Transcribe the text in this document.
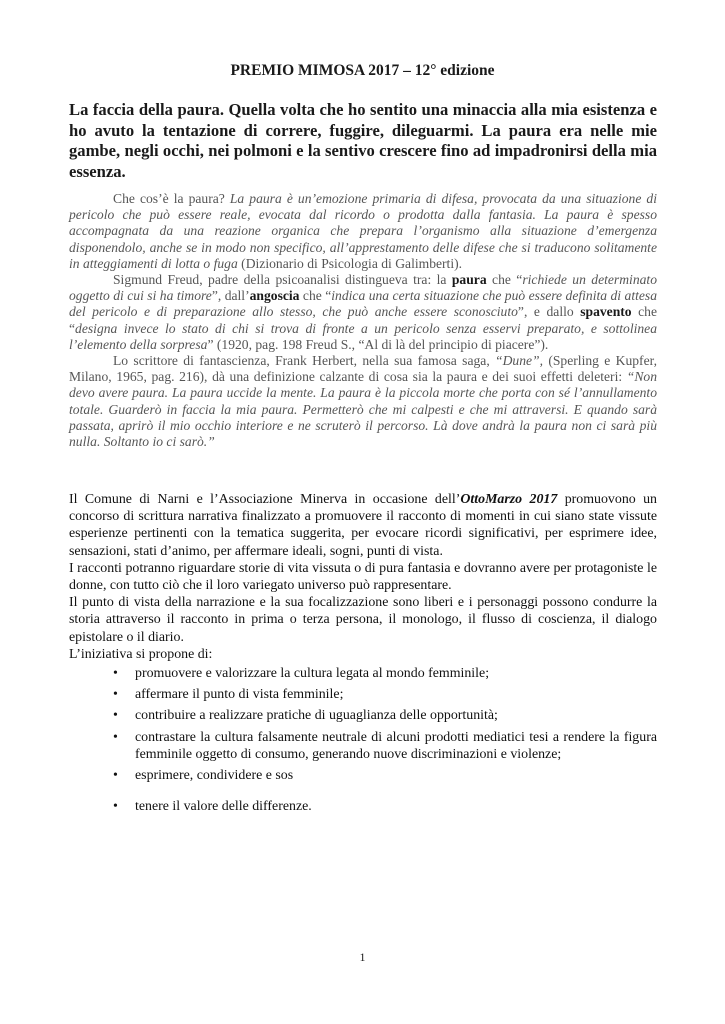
PREMIO MIMOSA 2017 – 12° edizione
La faccia della paura. Quella volta che ho sentito una minaccia alla mia esistenza e ho avuto la tentazione di correre, fuggire, dileguarmi. La paura era nelle mie gambe, negli occhi, nei polmoni e la sentivo crescere fino ad impadronirsi della mia essenza.

Che cos’è la paura? La paura è un’emozione primaria di difesa, provocata da una situazione di pericolo che può essere reale, evocata dal ricordo o prodotta dalla fantasia. La paura è spesso accompagnata da una reazione organica che prepara l’organismo alla situazione d’emergenza disponendolo, anche se in modo non specifico, all’apprestamento delle difese che si traducono solitamente in atteggiamenti di lotta o fuga (Dizionario di Psicologia di Galimberti).

Sigmund Freud, padre della psicoanalisi distingueva tra: la paura che “richiede un determinato oggetto di cui si ha timore”, dall’angoscia che “indica una certa situazione che può essere definita di attesa del pericolo e di preparazione allo stesso, che può anche essere sconosciuto”, e dallo spavento che “designa invece lo stato di chi si trova di fronte a un pericolo senza esservi preparato, e sottolinea l’elemento della sorpresa” (1920, pag. 198 Freud S., “Al di là del principio di piacere”).

Lo scrittore di fantascienza, Frank Herbert, nella sua famosa saga, “Dune”, (Sperling e Kupfer, Milano, 1965, pag. 216), dà una definizione calzante di cosa sia la paura e dei suoi effetti deleteri: “Non devo avere paura. La paura uccide la mente. La paura è la piccola morte che porta con sé l’annullamento totale. Guarderò in faccia la mia paura. Permetterò che mi calpesti e che mi attraversi. E quando sarà passata, aprirò il mio occhio interiore e ne scruterò il percorso. Là dove andrà la paura non ci sarà più nulla. Soltanto io ci sarò.”

Il Comune di Narni e l’Associazione Minerva in occasione dell’OttoMarzo 2017 promuovono un concorso di scrittura narrativa finalizzato a promuovere il racconto di momenti in cui siano state vissute esperienze pertinenti con la tematica suggerita, per evocare ricordi significativi, per esprimere idee, sensazioni, stati d’animo, per affermare ideali, sogni, punti di vista.

I racconti potranno riguardare storie di vita vissuta o di pura fantasia e dovranno avere per protagoniste le donne, con tutto ciò che il loro variegato universo può rappresentare.

Il punto di vista della narrazione e la sua focalizzazione sono liberi e i personaggi possono condurre la storia attraverso il racconto in prima o terza persona, il monologo, il flusso di coscienza, il dialogo epistolare o il diario.

L’iniziativa si propone di:

• promuovere e valorizzare la cultura legata al mondo femminile;
• affermare il punto di vista femminile;
• contribuire a realizzare pratiche di uguaglianza delle opportunità;
• contrastare la cultura falsamente neutrale di alcuni prodotti mediatici tesi a rendere la figura femminile oggetto di consumo, generando nuove discriminazioni e violenze;
• esprimere, condividere e sos
• tenere il valore delle differenze.
1
